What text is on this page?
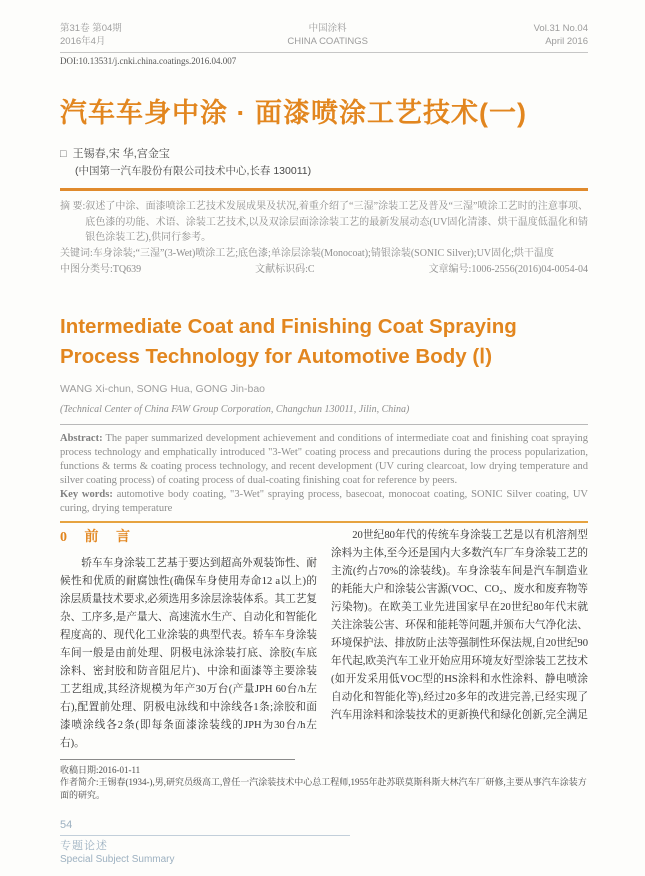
第31卷 第04期
2016年4月
中国涂料
CHINA COATINGS
Vol.31 No.04
April 2016
DOI:10.13531/j.cnki.china.coatings.2016.04.007
汽车车身中涂 · 面漆喷涂工艺技术(一)
□ 王锡春,宋 华,宫金宝
(中国第一汽车股份有限公司技术中心,长春 130011)
摘 要: 叙述了中涂、面漆喷涂工艺技术发展成果及状况,着重介绍了“三湿”涂装工艺及普及“三湿”喷涂工艺时的注意事项、底色漆的功能、术语、涂装工艺技术,以及双涂层面涂涂装工艺的最新发展动态(UV固化清漆、烘干温度低温化和锖银色涂装工艺),供同行参考。
关键词: 车身涂装;“三湿”(3-Wet)喷涂工艺;底色漆;单涂层涂装(Monocoat);锖银涂装(SONIC Silver);UV固化;烘干温度
中图分类号:TQ639	文献标识码:C	文章编号:1006-2556(2016)04-0054-04
Intermediate Coat and Finishing Coat Spraying Process Technology for Automotive Body (Ⅰ)
WANG Xi-chun, SONG Hua, GONG Jin-bao
(Technical Center of China FAW Group Corporation, Changchun 130011, Jilin, China)
Abstract: The paper summarized development achievement and conditions of intermediate coat and finishing coat spraying process technology and emphatically introduced "3-Wet" coating process and precautions during the process popularization, functions & terms & coating process technology, and recent development (UV curing clearcoat, low drying temperature and silver coating process) of coating process of dual-coating finishing coat for reference by peers.
Key words: automotive body coating, "3-Wet" spraying process, basecoat, monocoat coating, SONIC Silver coating, UV curing, drying temperature
0 前 言

轿车车身涂装工艺基于要达到超高外观装饰性、耐候性和优质的耐腐蚀性(确保车身使用寿命12 a以上)的涂层质量技术要求,必须选用多涂层涂装体系。其工艺复杂、工序多,是产量大、高速流水生产、自动化和智能化程度高的、现代化工业涂装的典型代表。轿车车身涂装车间一般是由前处理、阴极电泳涂装打底、涂胶(车底涂料、密封胶和防音阻尼片)、中涂和面漆等主要涂装工艺组成,其经济规模为年产30万台(产量JPH 60台/h左右),配置前处理、阴极电泳线和中涂线各1条;涂胶和面漆喷涂线各2条(即每条面漆涂装线的JPH为30台/h左右)。

20世纪80年代的传统车身涂装工艺是以有机溶剂型涂料为主体,至今还是国内大多数汽车厂车身涂装工艺的主流(约占70%的涂装线)。车身涂装车间是汽车制造业的耗能大户和涂装公害源(VOC、CO₂、废水和废弃物等污染物)。在欧美工业先进国家早在20世纪80年代末就关注涂装公害、环保和能耗等问题,并颁布大气净化法、环境保护法、排放防止法等强制性环保法规,自20世纪90年代起,欧美汽车工业开始应用环境友好型涂装工艺技术(如开发采用低VOC型的HS涂料和水性涂料、静电喷涂自动化和智能化等),经过20多年的改进完善,已经实现了汽车用涂料和涂装技术的更新换代和绿化创新,完全满足

收稿日期:2016-01-11
作者简介:王锡春(1934-),男,研究员级高工,曾任一汽涂装技术中心总工程师,1955年赴苏联莫斯科斯大林汽车厂研修,主要从事汽车涂装方面的研究。
54
专题论述
Special Subject Summary
